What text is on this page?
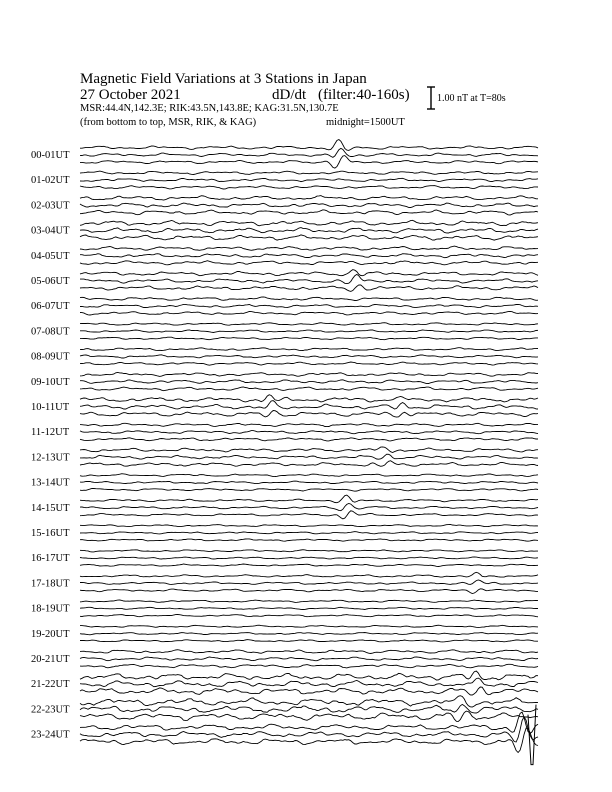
Magnetic Field Variations at 3 Stations in Japan
27 October 2021	dD/dt (filter:40-160s)
MSR:44.4N,142.3E; RIK:43.5N,143.8E; KAG:31.5N,130.7E
(from bottom to top, MSR, RIK, & KAG)	midnight=1500UT
1.00 nT at T=80s
00-01UT
01-02UT
02-03UT
03-04UT
04-05UT
05-06UT
06-07UT
07-08UT
08-09UT
09-10UT
10-11UT
11-12UT
12-13UT
13-14UT
14-15UT
15-16UT
16-17UT
17-18UT
18-19UT
19-20UT
20-21UT
21-22UT
22-23UT
23-24UT
